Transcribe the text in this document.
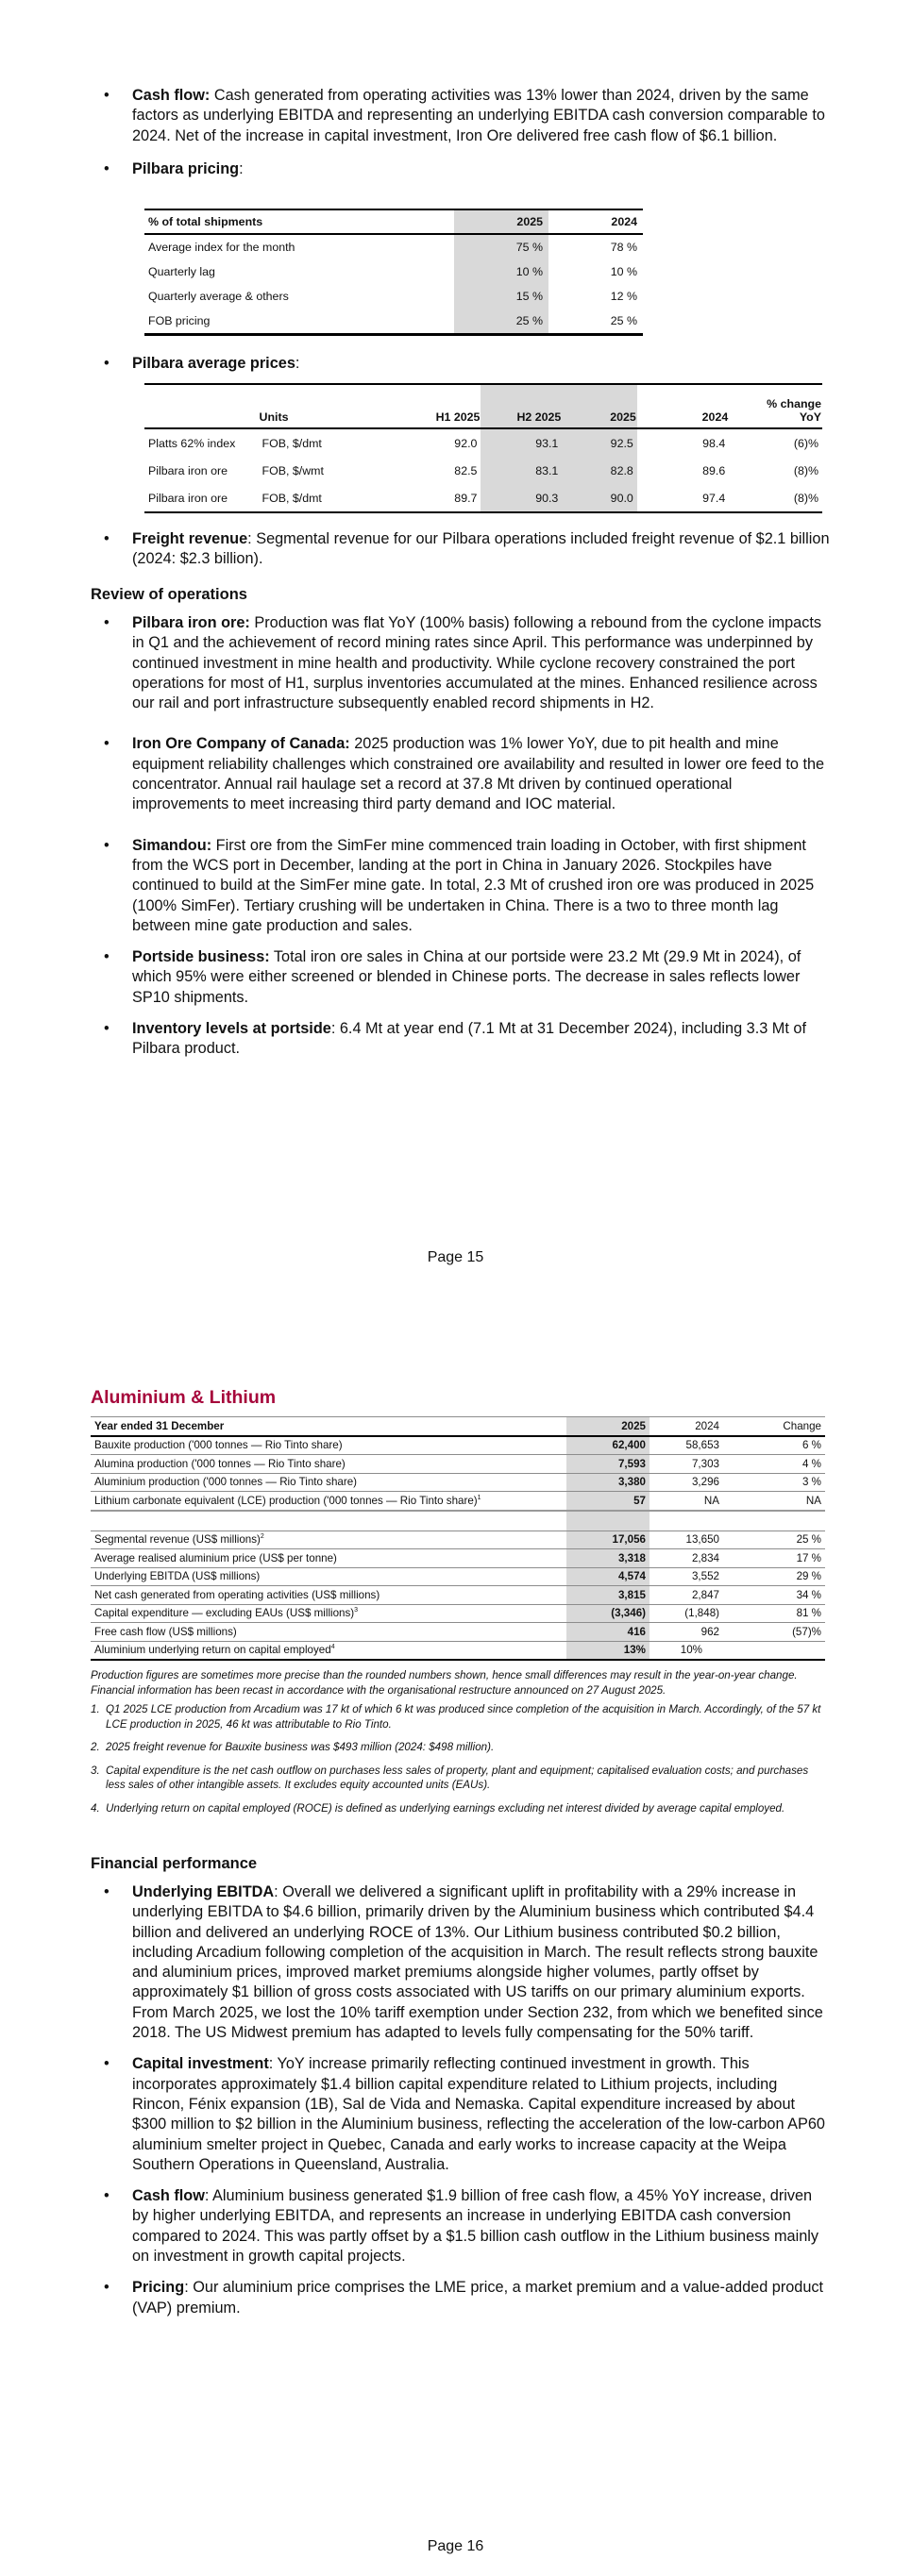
• Cash flow: Cash generated from operating activities was 13% lower than 2024, driven by the same factors as underlying EBITDA and representing an underlying EBITDA cash conversion comparable to 2024. Net of the increase in capital investment, Iron Ore delivered free cash flow of $6.1 billion.
• Pilbara pricing:
% of total shipments	2025	2024
Average index for the month	75 %	78 %
Quarterly lag	10 %	10 %
Quarterly average & others	15 %	12 %
FOB pricing	25 %	25 %
• Pilbara average prices:
	Units	H1 2025	H2 2025	2025	2024	% change
YoY
Platts 62% index	FOB, $/dmt	92.0	93.1	92.5	98.4	(6)%
Pilbara iron ore	FOB, $/wmt	82.5	83.1	82.8	89.6	(8)%
Pilbara iron ore	FOB, $/dmt	89.7	90.3	90.0	97.4	(8)%
• Freight revenue: Segmental revenue for our Pilbara operations included freight revenue of $2.1 billion (2024: $2.3 billion).
Review of operations
• Pilbara iron ore: Production was flat YoY (100% basis) following a rebound from the cyclone impacts in Q1 and the achievement of record mining rates since April. This performance was underpinned by continued investment in mine health and productivity. While cyclone recovery constrained the port operations for most of H1, surplus inventories accumulated at the mines. Enhanced resilience across our rail and port infrastructure subsequently enabled record shipments in H2.
• Iron Ore Company of Canada: 2025 production was 1% lower YoY, due to pit health and mine equipment reliability challenges which constrained ore availability and resulted in lower ore feed to the concentrator. Annual rail haulage set a record at 37.8 Mt driven by continued operational improvements to meet increasing third party demand and IOC material.
• Simandou: First ore from the SimFer mine commenced train loading in October, with first shipment from the WCS port in December, landing at the port in China in January 2026. Stockpiles have continued to build at the SimFer mine gate. In total, 2.3 Mt of crushed iron ore was produced in 2025 (100% SimFer). Tertiary crushing will be undertaken in China. There is a two to three month lag between mine gate production and sales.
• Portside business: Total iron ore sales in China at our portside were 23.2 Mt (29.9 Mt in 2024), of which 95% were either screened or blended in Chinese ports. The decrease in sales reflects lower SP10 shipments.
• Inventory levels at portside: 6.4 Mt at year end (7.1 Mt at 31 December 2024), including 3.3 Mt of Pilbara product.
Page 15
Aluminium & Lithium
Year ended 31 December	2025	2024	Change
Bauxite production ('000 tonnes — Rio Tinto share)	62,400	58,653	6 %
Alumina production ('000 tonnes — Rio Tinto share)	7,593	7,303	4 %
Aluminium production ('000 tonnes — Rio Tinto share)	3,380	3,296	3 %
Lithium carbonate equivalent (LCE) production ('000 tonnes — Rio Tinto share)$^1$	57	NA	NA

Segmental revenue (US$ millions)$^2$	17,056	13,650	25 %
Average realised aluminium price (US$ per tonne)	3,318	2,834	17 %
Underlying EBITDA (US$ millions)	4,574	3,552	29 %
Net cash generated from operating activities (US$ millions)	3,815	2,847	34 %
Capital expenditure — excluding EAUs (US$ millions)$^3$	(3,346)	(1,848)	81 %
Free cash flow (US$ millions)	416	962	(57)%
Aluminium underlying return on capital employed$^4$	13%	10%	

Production figures are sometimes more precise than the rounded numbers shown, hence small differences may result in the year-on-year change. Financial information has been recast in accordance with the organisational restructure announced on 27 August 2025.

1. Q1 2025 LCE production from Arcadium was 17 kt of which 6 kt was produced since completion of the acquisition in March. Accordingly, of the 57 kt LCE production in 2025, 46 kt was attributable to Rio Tinto.
2. 2025 freight revenue for Bauxite business was $493 million (2024: $498 million).
3. Capital expenditure is the net cash outflow on purchases less sales of property, plant and equipment; capitalised evaluation costs; and purchases less sales of other intangible assets. It excludes equity accounted units (EAUs).
4. Underlying return on capital employed (ROCE) is defined as underlying earnings excluding net interest divided by average capital employed.
Financial performance
• Underlying EBITDA: Overall we delivered a significant uplift in profitability with a 29% increase in underlying EBITDA to $4.6 billion, primarily driven by the Aluminium business which contributed $4.4 billion and delivered an underlying ROCE of 13%. Our Lithium business contributed $0.2 billion, including Arcadium following completion of the acquisition in March. The result reflects strong bauxite and aluminium prices, improved market premiums alongside higher volumes, partly offset by approximately $1 billion of gross costs associated with US tariffs on our primary aluminium exports. From March 2025, we lost the 10% tariff exemption under Section 232, from which we benefited since 2018. The US Midwest premium has adapted to levels fully compensating for the 50% tariff.
• Capital investment: YoY increase primarily reflecting continued investment in growth. This incorporates approximately $1.4 billion capital expenditure related to Lithium projects, including Rincon, Fénix expansion (1B), Sal de Vida and Nemaska. Capital expenditure increased by about $300 million to $2 billion in the Aluminium business, reflecting the acceleration of the low-carbon AP60 aluminium smelter project in Quebec, Canada and early works to increase capacity at the Weipa Southern Operations in Queensland, Australia.
• Cash flow: Aluminium business generated $1.9 billion of free cash flow, a 45% YoY increase, driven by higher underlying EBITDA, and represents an increase in underlying EBITDA cash conversion compared to 2024. This was partly offset by a $1.5 billion cash outflow in the Lithium business mainly on investment in growth capital projects.
• Pricing: Our aluminium price comprises the LME price, a market premium and a value-added product (VAP) premium.
Page 16
